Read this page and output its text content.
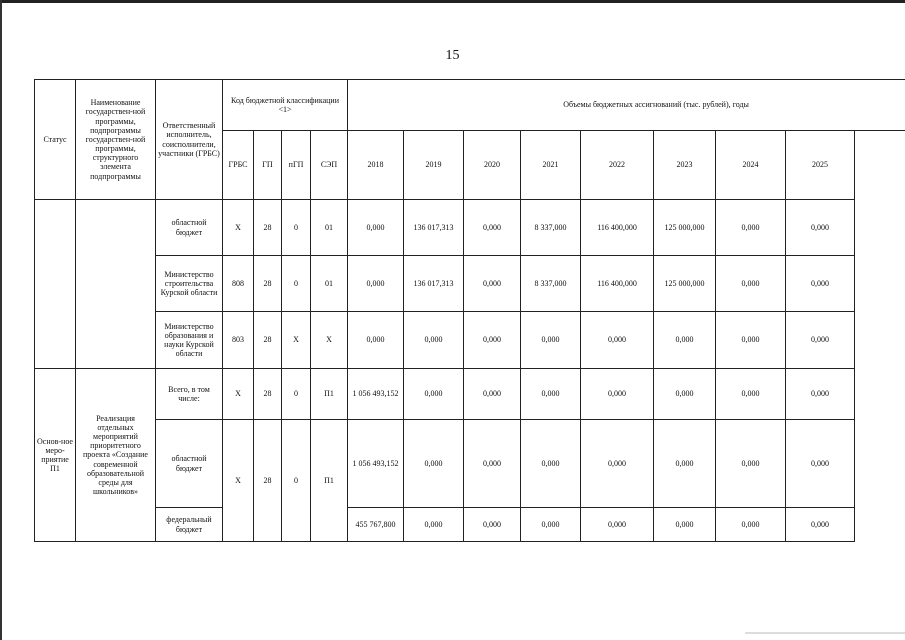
15
Статус	Наименование государствен-ной программы, подпрограммы государствен-ной программы, структурного элемента подпрограммы	Ответственный исполнитель, соисполнители, участники (ГРБС)	Код бюджетной классификации <1>				Объемы бюджетных ассигнований (тыс. рублей), годы							
			ГРБС	ГП	пГП	СЭП	2018	2019	2020	2021	2022	2023	2024	2025
		областной бюджет	X	28	0	01	0,000	136 017,313	0,000	8 337,000	116 400,000	125 000,000	0,000	0,000
		Министерство строительства Курской области	808	28	0	01	0,000	136 017,313	0,000	8 337,000	116 400,000	125 000,000	0,000	0,000
		Министерство образования и науки Курской области	803	28	X	X	0,000	0,000	0,000	0,000	0,000	0,000	0,000	0,000
Основ-ное меро-приятие П1	Реализация отдельных мероприятий приоритетного проекта «Создание современной образовательной среды для школьников»	Всего, в том числе:	X	28	0	П1	1 056 493,152	0,000	0,000	0,000	0,000	0,000	0,000	0,000
		областной бюджет	X	28	0	П1	1 056 493,152	0,000	0,000	0,000	0,000	0,000	0,000	0,000
		федеральный бюджет					455 767,800	0,000	0,000	0,000	0,000	0,000	0,000	0,000
